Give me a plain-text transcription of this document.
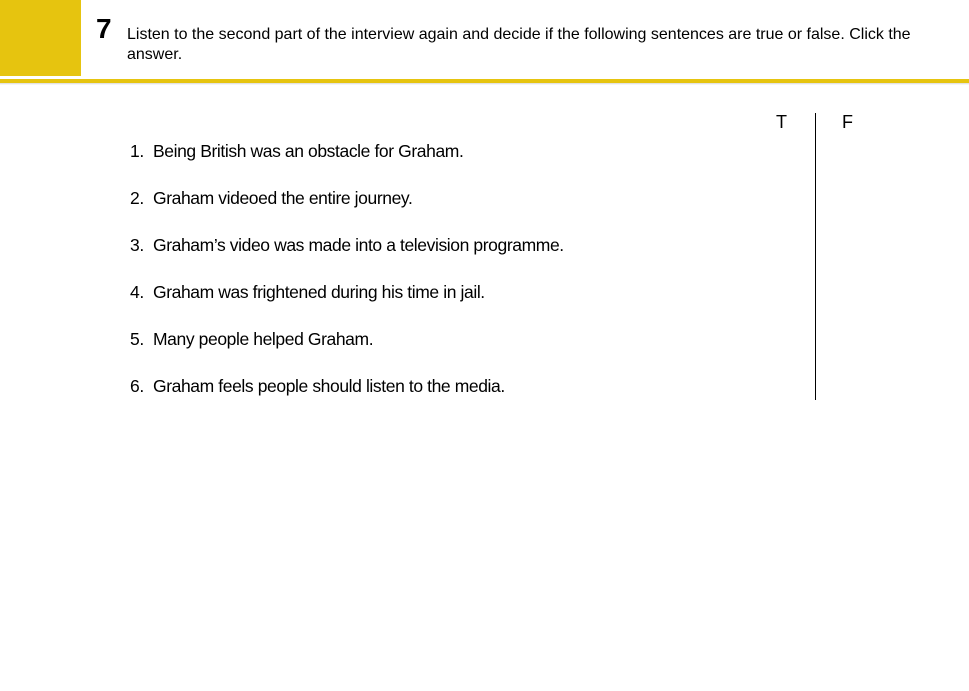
7 Listen to the second part of the interview again and decide if the following sentences are true or false. Click the answer.
T	F
1. Being British was an obstacle for Graham.
2. Graham videoed the entire journey.
3. Graham’s video was made into a television programme.
4. Graham was frightened during his time in jail.
5. Many people helped Graham.
6. Graham feels people should listen to the media.
